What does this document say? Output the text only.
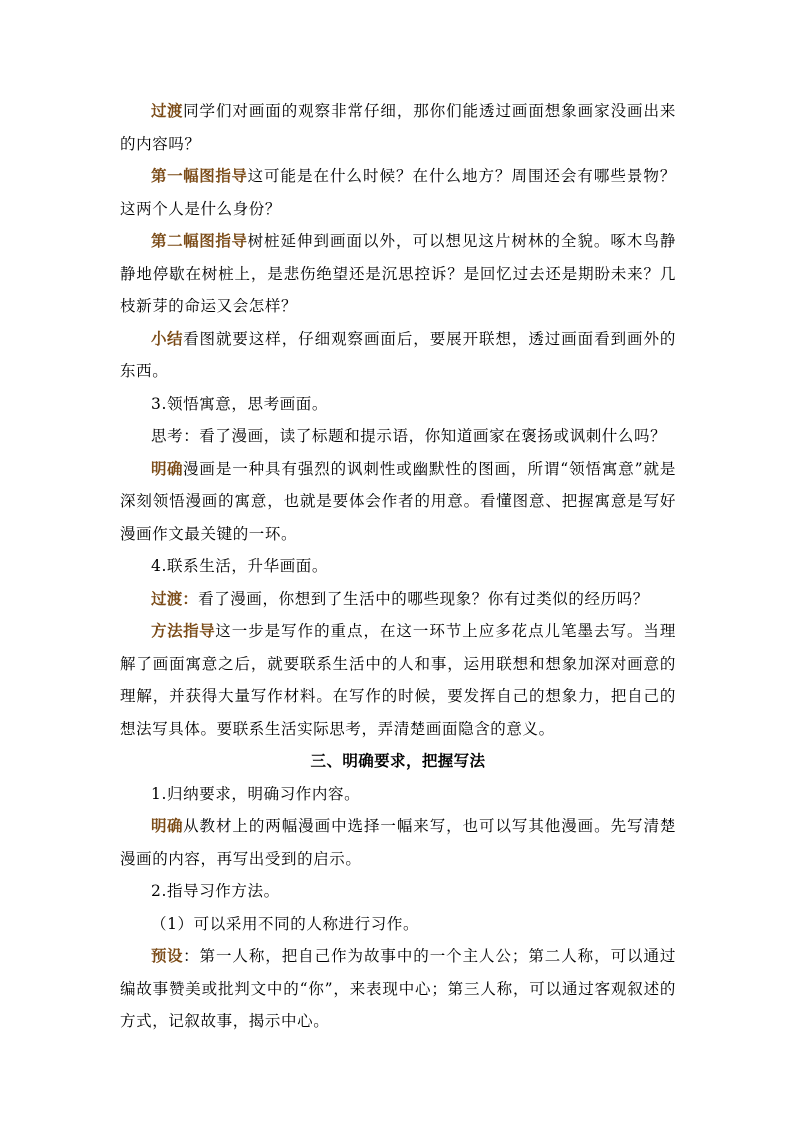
过渡同学们对画面的观察非常仔细，那你们能透过画面想象画家没画出来的内容吗？

第一幅图指导这可能是在什么时候？在什么地方？周围还会有哪些景物？这两个人是什么身份？

第二幅图指导树桩延伸到画面以外，可以想见这片树林的全貌。啄木鸟静静地停歇在树桩上，是悲伤绝望还是沉思控诉？是回忆过去还是期盼未来？几枝新芽的命运又会怎样？

小结看图就要这样，仔细观察画面后，要展开联想，透过画面看到画外的东西。

3.领悟寓意，思考画面。

思考：看了漫画，读了标题和提示语，你知道画家在褒扬或讽刺什么吗？

明确漫画是一种具有强烈的讽刺性或幽默性的图画，所谓“领悟寓意”就是深刻领悟漫画的寓意，也就是要体会作者的用意。看懂图意、把握寓意是写好漫画作文最关键的一环。

4.联系生活，升华画面。

过渡：看了漫画，你想到了生活中的哪些现象？你有过类似的经历吗？

方法指导这一步是写作的重点，在这一环节上应多花点儿笔墨去写。当理解了画面寓意之后，就要联系生活中的人和事，运用联想和想象加深对画意的理解，并获得大量写作材料。在写作的时候，要发挥自己的想象力，把自己的想法写具体。要联系生活实际思考，弄清楚画面隐含的意义。

三、明确要求，把握写法

1.归纳要求，明确习作内容。

明确从教材上的两幅漫画中选择一幅来写，也可以写其他漫画。先写清楚漫画的内容，再写出受到的启示。

2.指导习作方法。

（1）可以采用不同的人称进行习作。

预设：第一人称，把自己作为故事中的一个主人公；第二人称，可以通过编故事赞美或批判文中的“你”，来表现中心；第三人称，可以通过客观叙述的方式，记叙故事，揭示中心。
